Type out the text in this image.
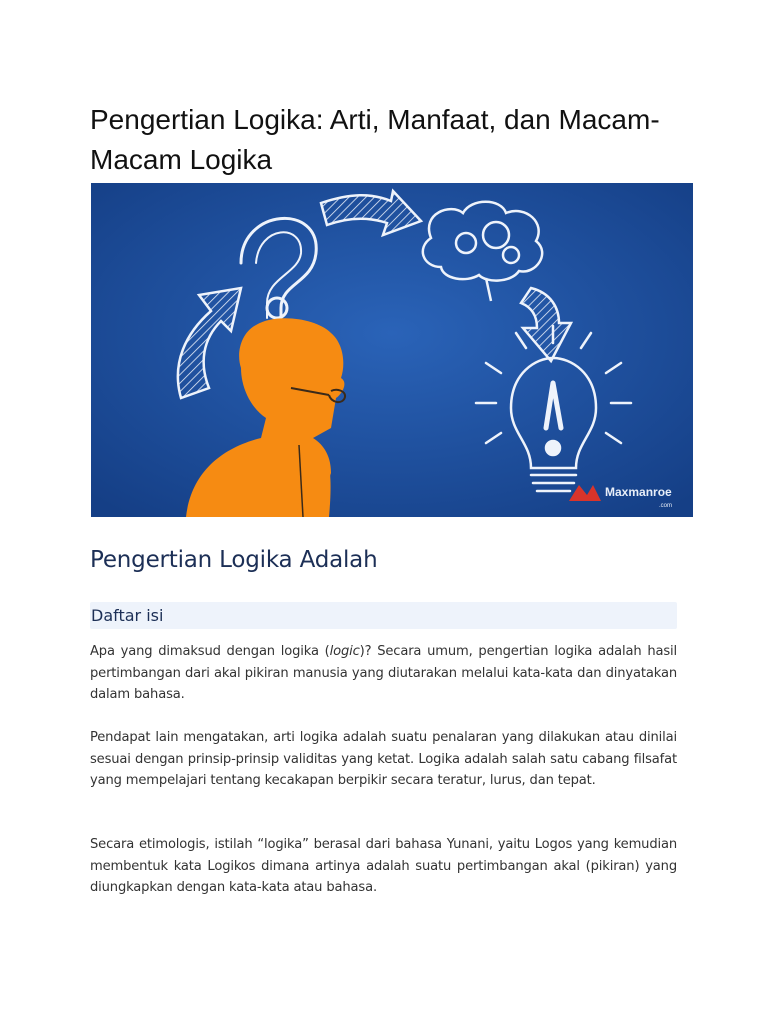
Pengertian Logika: Arti, Manfaat, dan Macam-Macam Logika
Maxmanroe
.com
Pengertian Logika Adalah
Daftar isi

Apa yang dimaksud dengan logika (logic)? Secara umum, pengertian logika adalah hasil pertimbangan dari akal pikiran manusia yang diutarakan melalui kata-kata dan dinyatakan dalam bahasa.

Pendapat lain mengatakan, arti logika adalah suatu penalaran yang dilakukan atau dinilai sesuai dengan prinsip-prinsip validitas yang ketat. Logika adalah salah satu cabang filsafat yang mempelajari tentang kecakapan berpikir secara teratur, lurus, dan tepat.

Secara etimologis, istilah “logika” berasal dari bahasa Yunani, yaitu Logos yang kemudian membentuk kata Logikos dimana artinya adalah suatu pertimbangan akal (pikiran) yang diungkapkan dengan kata-kata atau bahasa.
